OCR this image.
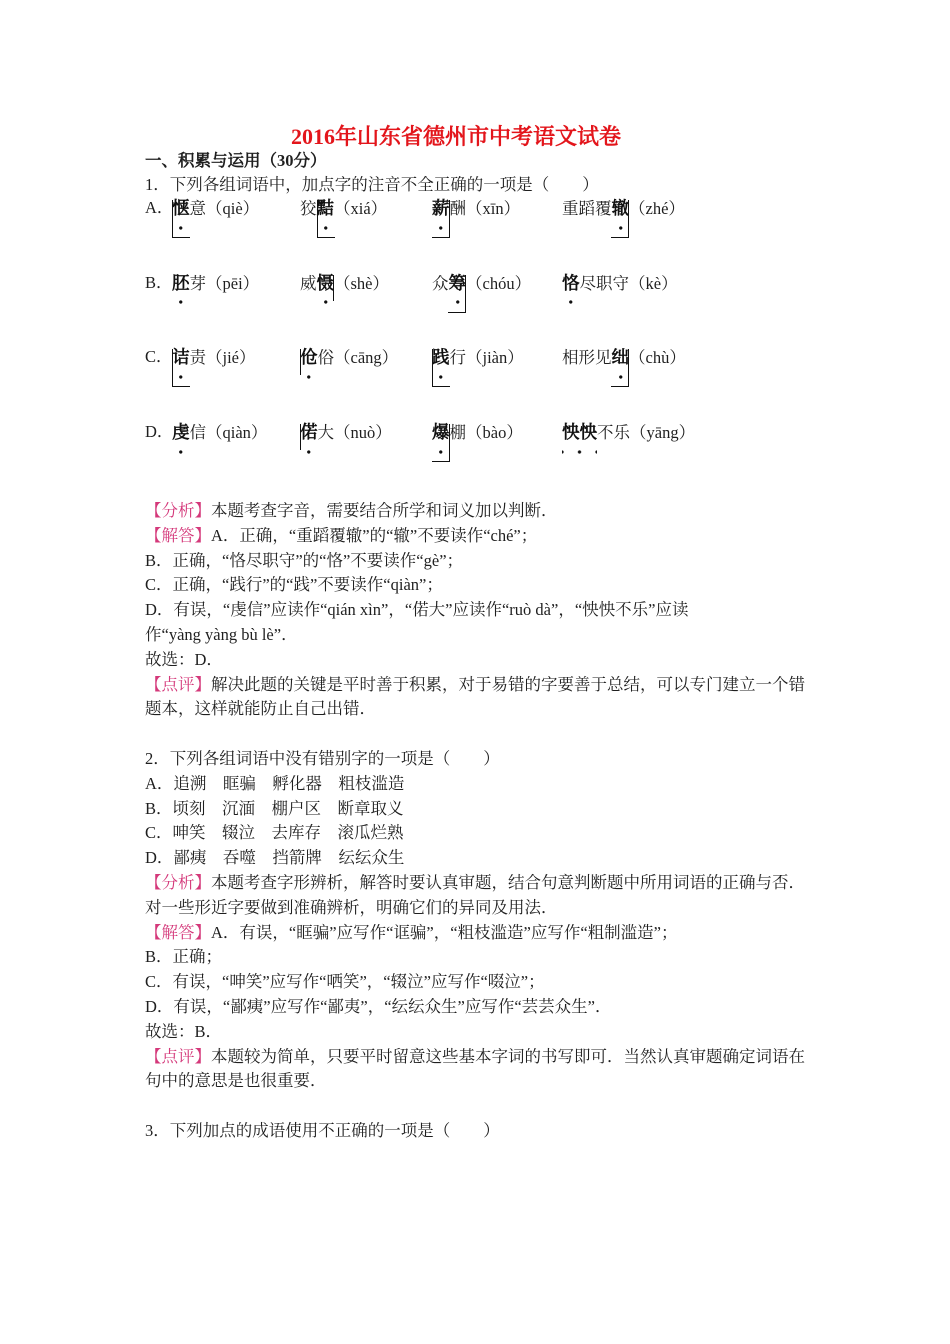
2016年山东省德州市中考语文试卷
一、积累与运用（30分）
1．下列各组词语中，加点字的注音不全正确的一项是（　　）
A．
惬 意 （qiè） 狡 黠 （xiá）	薪 酬 （xīn）	重蹈覆 辙 （zhé）
B． 胚 芽 （pēi） 威 慑 （shè）	众 筹 （chóu） 恪 尽职守 （kè）
C． 诘 责 （jié）	伧 俗 （cāng） 践 行 （jiàn） 相形见 绌 （chù）
D．
虔 信 （qiàn） 偌 大 （nuò） 爆 棚 （bào） 怏怏 不乐 （yāng）
【分析】本题考查字音，需要结合所学和词义加以判断．
【解答】A．正确，“重蹈覆辙”的“辙”不要读作“ché”；
B．正确，“恪尽职守”的“恪”不要读作“gè”；
C．正确，“践行”的“践”不要读作“qiàn”；
D．有误，“虔信”应读作“qián xìn”，“偌大”应读作“ruò dà”，“怏怏不乐”应读
作“yàng yàng bù lè”．
故选：D．
【点评】解决此题的关键是平时善于积累，对于易错的字要善于总结，可以专门建立一个错
题本，这样就能防止自己出错．
2．下列各组词语中没有错别字的一项是（　　）
A．追溯 眶骗 孵化器 粗枝滥造
B．顷刻 沉湎 棚户区 断章取义
C．呻笑 辍泣 去库存 滚瓜烂熟
D．鄙痍 吞噬 挡箭牌 纭纭众生
【分析】本题考查字形辨析，解答时要认真审题，结合句意判断题中所用词语的正确与否．
对一些形近字要做到准确辨析，明确它们的异同及用法．
【解答】A．有误，“眶骗”应写作“诓骗”，“粗枝滥造”应写作“粗制滥造”；
B．正确；
C．有误，“呻笑”应写作“哂笑”，“辍泣”应写作“啜泣”；
D．有误，“鄙痍”应写作“鄙夷”，“纭纭众生”应写作“芸芸众生”．
故选：B．
【点评】本题较为简单，只要平时留意这些基本字词的书写即可．当然认真审题确定词语在
句中的意思是也很重要．
3．下列加点的成语使用不正确的一项是（　　）
